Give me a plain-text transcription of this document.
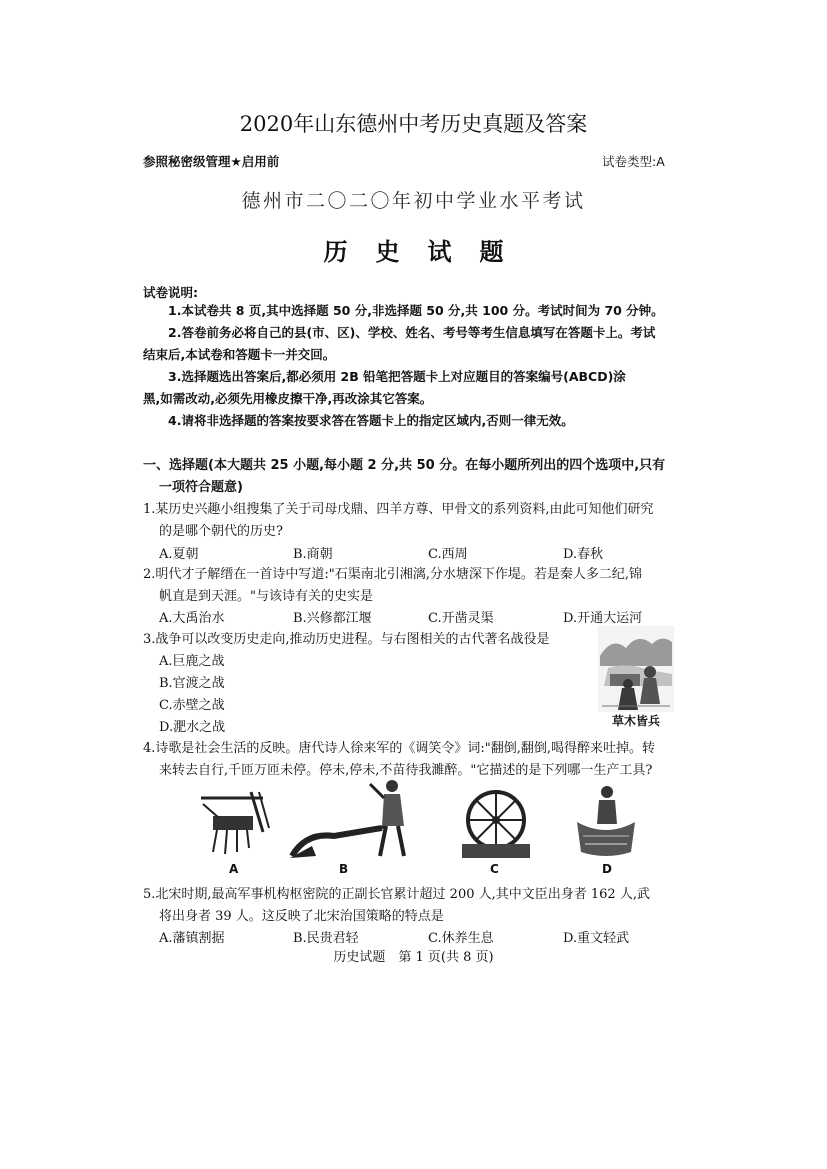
2020年山东德州中考历史真题及答案
参照秘密级管理★启用前	试卷类型:A
德州市二〇二〇年初中学业水平考试
历史试题
试卷说明:
1.本试卷共 8 页,其中选择题 50 分,非选择题 50 分,共 100 分。考试时间为 70 分钟。
2.答卷前务必将自己的县(市、区)、学校、姓名、考号等考生信息填写在答题卡上。考试
结束后,本试卷和答题卡一并交回。
3.选择题选出答案后,都必须用 2B 铅笔把答题卡上对应题目的答案编号(ABCD)涂
黑,如需改动,必须先用橡皮擦干净,再改涂其它答案。
4.请将非选择题的答案按要求答在答题卡上的指定区域内,否则一律无效。
一、选择题(本大题共 25 小题,每小题 2 分,共 50 分。在每小题所列出的四个选项中,只有
一项符合题意)
1.某历史兴趣小组搜集了关于司母戊鼎、四羊方尊、甲骨文的系列资料,由此可知他们研究
的是哪个朝代的历史?
A.夏朝	B.商朝	C.西周	D.春秋
2.明代才子解缙在一首诗中写道:"石渠南北引湘漓,分水塘深下作堤。若是秦人多二纪,锦
帆直是到天涯。"与该诗有关的史实是
A.大禹治水	B.兴修都江堰	C.开凿灵渠	D.开通大运河
3.战争可以改变历史走向,推动历史进程。与右图相关的古代著名战役是
A.巨鹿之战
B.官渡之战
C.赤壁之战
D.淝水之战	草木皆兵
4.诗歌是社会生活的反映。唐代诗人徐来军的《调笑令》词:"翻倒,翻倒,喝得醉来吐掉。转
来转去自行,千匝万匝未停。停未,停未,不苗待我濉醉。"它描述的是下列哪一生产工具?
A	B	C	D
5.北宋时期,最高军事机构枢密院的正副长官累计超过 200 人,其中文臣出身者 162 人,武
将出身者 39 人。这反映了北宋治国策略的特点是
A.藩镇割据	B.民贵君轻	C.休养生息	D.重文轻武
历史试题　第 1 页(共 8 页)
